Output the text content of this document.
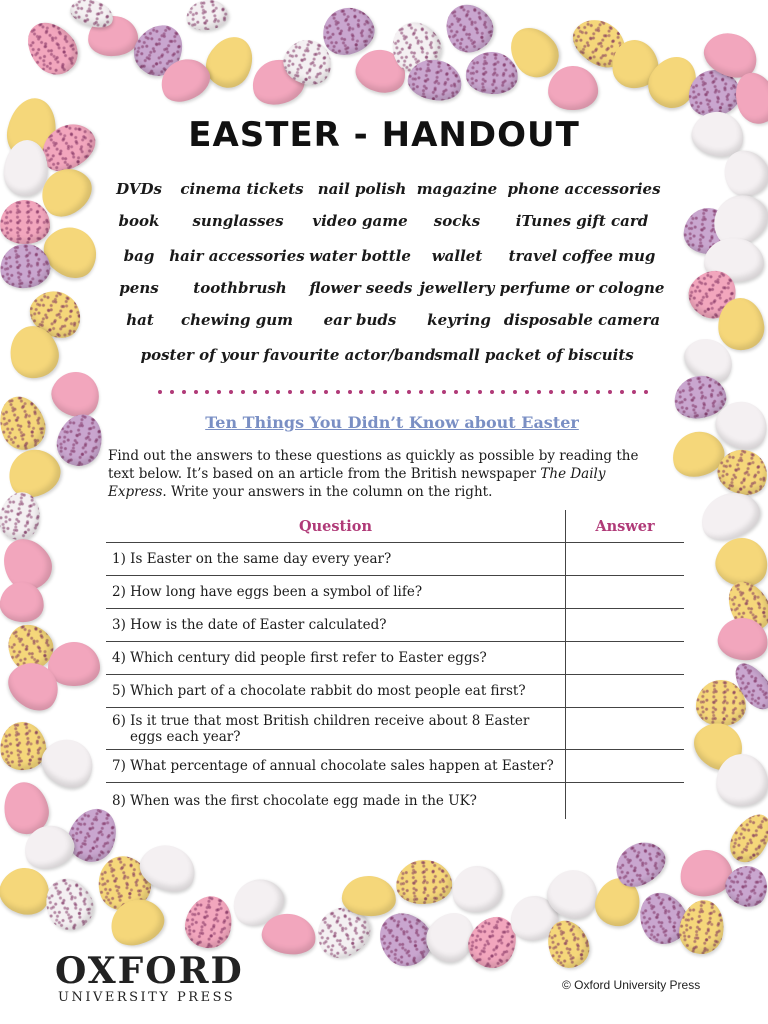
EASTER - HANDOUT
DVDs cinema tickets nail polish magazine phone accessories
book sunglasses video game socks iTunes gift card
bag hair accessories water bottle wallet travel coffee mug
pens toothbrush flower seeds jewellery perfume or cologne
hat chewing gum ear buds keyring disposable camera
poster of your favourite actor/band
small packet of biscuits
Ten Things You Didn’t Know about Easter

Find out the answers to these questions as quickly as possible by reading the text below. It’s based on an article from the British newspaper The Daily Express. Write your answers in the column on the right.

Question	Answer

1) Is Easter on the same day every year?	

2) How long have eggs been a symbol of life?	

3) How is the date of Easter calculated?	

4) Which century did people first refer to Easter eggs?	

5) Which part of a chocolate rabbit do most people eat first?	

6) Is it true that most British children receive about 8 Easter eggs each year?	

7) What percentage of annual chocolate sales happen at Easter?	

8) When was the first chocolate egg made in the UK?	

OXFORD

UNIVERSITY PRESS

© Oxford University Press
